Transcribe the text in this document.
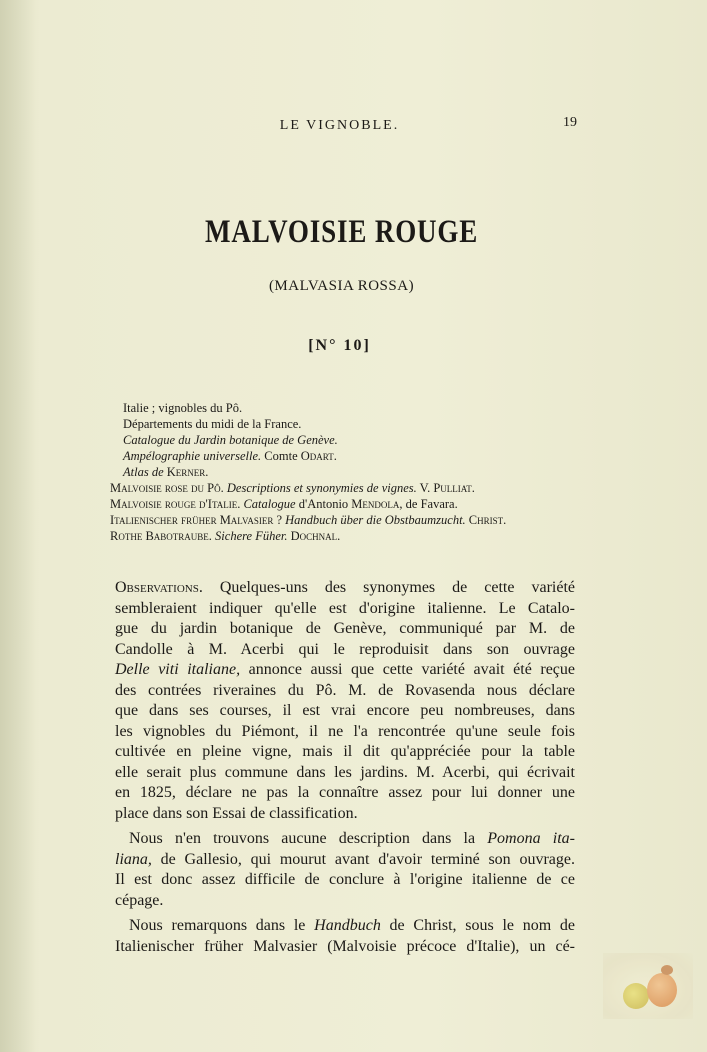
LE VIGNOBLE.	19
MALVOISIE ROUGE
(MALVASIA ROSSA)
[N° 10]
Italie ; vignobles du Pô.
Départements du midi de la France.
Catalogue du Jardin botanique de Genève.
Ampélographie universelle. Comte Odart.
Atlas de Kerner.
Malvoisie rose du Pô. Descriptions et synonymies de vignes. V. Pulliat.
Malvoisie rouge d'Italie. Catalogue d'Antonio Mendola, de Favara.
Italienischer früher Malvasier ? Handbuch über die Obstbaumzucht. Christ.
Rothe Babotraube. Sichere Füher. Dochnal.
Observations. Quelques-uns des synonymes de cette variété
sembleraient indiquer qu'elle est d'origine italienne. Le Catalo-
gue du jardin botanique de Genève, communiqué par M. de
Candolle à M. Acerbi qui le reproduisit dans son ouvrage
Delle viti italiane, annonce aussi que cette variété avait été reçue
des contrées riveraines du Pô. M. de Rovasenda nous déclare
que dans ses courses, il est vrai encore peu nombreuses, dans
les vignobles du Piémont, il ne l'a rencontrée qu'une seule fois
cultivée en pleine vigne, mais il dit qu'appréciée pour la table
elle serait plus commune dans les jardins. M. Acerbi, qui écrivait
en 1825, déclare ne pas la connaître assez pour lui donner une
place dans son Essai de classification.
Nous n'en trouvons aucune description dans la Pomona ita-
liana, de Gallesio, qui mourut avant d'avoir terminé son ouvrage.
Il est donc assez difficile de conclure à l'origine italienne de ce
cépage.
Nous remarquons dans le Handbuch de Christ, sous le nom de
Italienischer früher Malvasier (Malvoisie précoce d'Italie), un cé-
